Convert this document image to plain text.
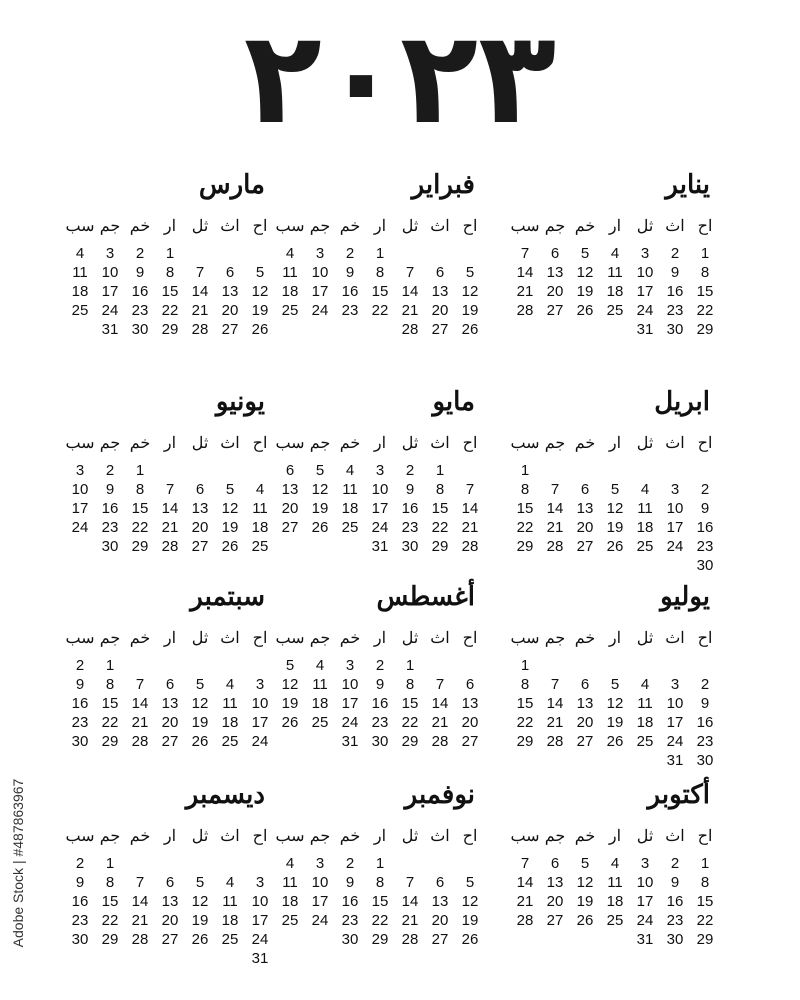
٢٠٢٣
يناير
اح
اث
ثل
ار
خم
جم
سب
1
2
3
4
5
6
7
8
9
10
11
12
13
14
15
16
17
18
19
20
21
22
23
24
25
26
27
28
29
30
31
فبراير
اح
اث
ثل
ار
خم
جم
سب
1
2
3
4
5
6
7
8
9
10
11
12
13
14
15
16
17
18
19
20
21
22
23
24
25
26
27
28
مارس
اح
اث
ثل
ار
خم
جم
سب
1
2
3
4
5
6
7
8
9
10
11
12
13
14
15
16
17
18
19
20
21
22
23
24
25
26
27
28
29
30
31
ابريل
اح
اث
ثل
ار
خم
جم
سب
1
2
3
4
5
6
7
8
9
10
11
12
13
14
15
16
17
18
19
20
21
22
23
24
25
26
27
28
29
30
مايو
اح
اث
ثل
ار
خم
جم
سب
1
2
3
4
5
6
7
8
9
10
11
12
13
14
15
16
17
18
19
20
21
22
23
24
25
26
27
28
29
30
31
يونيو
اح
اث
ثل
ار
خم
جم
سب
1
2
3
4
5
6
7
8
9
10
11
12
13
14
15
16
17
18
19
20
21
22
23
24
25
26
27
28
29
30
يوليو
اح
اث
ثل
ار
خم
جم
سب
1
2
3
4
5
6
7
8
9
10
11
12
13
14
15
16
17
18
19
20
21
22
23
24
25
26
27
28
29
30
31
أغسطس
اح
اث
ثل
ار
خم
جم
سب
1
2
3
4
5
6
7
8
9
10
11
12
13
14
15
16
17
18
19
20
21
22
23
24
25
26
27
28
29
30
31
سبتمبر
اح
اث
ثل
ار
خم
جم
سب
1
2
3
4
5
6
7
8
9
10
11
12
13
14
15
16
17
18
19
20
21
22
23
24
25
26
27
28
29
30
أكتوبر
اح
اث
ثل
ار
خم
جم
سب
1
2
3
4
5
6
7
8
9
10
11
12
13
14
15
16
17
18
19
20
21
22
23
24
25
26
27
28
29
30
31
نوفمبر
اح
اث
ثل
ار
خم
جم
سب
1
2
3
4
5
6
7
8
9
10
11
12
13
14
15
16
17
18
19
20
21
22
23
24
25
26
27
28
29
30
ديسمبر
اح
اث
ثل
ار
خم
جم
سب
1
2
3
4
5
6
7
8
9
10
11
12
13
14
15
16
17
18
19
20
21
22
23
24
25
26
27
28
29
30
31
Adobe Stock | #487863967
